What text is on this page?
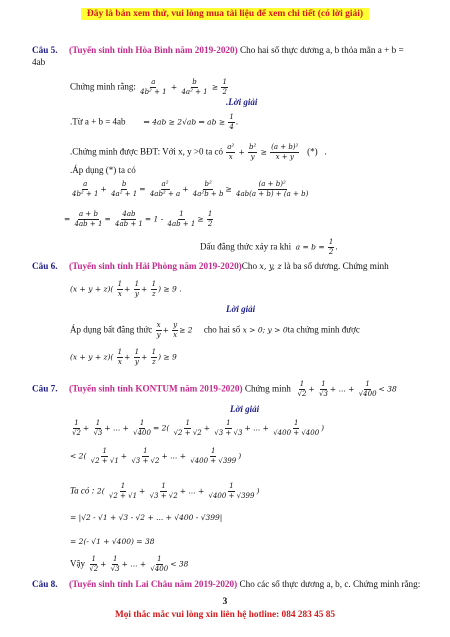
Đây là bản xem thử, vui lòng mua tài liệu để xem chi tiết (có lời giải)
Câu 5. (Tuyển sinh tỉnh Hòa Bình năm 2019-2020) Cho hai số thực dương a, b thỏa mãn a + b =
4ab
Chứng minh rằng: $\frac{a}{\text{4b² + 1}} + \frac{b}{\text{4a² + 1}} \ge \frac{1}{2}$
.Lời giải
.Từ a + b = 4ab ⇒ 4ab ≥ 2√ab ⇒ ab ≥ $\frac{1}{4}$ .
.Chứng minh được BĐT: Với x, y >0 ta có $\frac{\text{a²}}{x} + \frac{\text{b²}}{y} \ge \frac{\text{(a + b)²}}{x + y}$ (*)   .
.Áp dụng (*) ta có
$\frac{a}{\text{4b² + 1}} + \frac{b}{\text{4a² + 1}} = \frac{\text{a²}}{\text{4ab² + a}} + \frac{\text{b²}}{\text{4a²b + b}} \ge \frac{\text{(a + b)²}}{4ab(a + b) + (a + b)}$
= $\frac{a + b}{4ab + 1} = \frac{4ab}{4ab + 1} = 1 - \frac{1}{4ab + 1} \ge \frac{1}{2}$
Dấu đẳng thức xảy ra khi $a = b = \frac{1}{2}$ .
Câu 6. (Tuyển sinh tỉnh Hải Phòng năm 2019-2020)Cho x, y, z là ba số dương. Chứng minh
$(x + y + z)( \frac{1}{x} + \frac{1}{y} + \frac{1}{z}$ ) ≥ 9 .
Lời giải
Áp dụng bất đẳng thức $\frac{x}{y} + \frac{y}{x} \ge 2$ cho hai số x > 0; y > 0ta chứng minh được
$(x + y + z)( \frac{1}{x} + \frac{1}{y} + \frac{1}{z}$ ) ≥ 9
Câu 7. (Tuyển sinh tỉnh KONTUM năm 2019-2020) Chứng minh $\frac{1}{√2} + \frac{1}{√3}$ + ... + $\frac{1}{√400} < 38$
Lời giải
$\frac{1}{√2} + \frac{1}{√3}$ + ... + $\frac{1}{√400} = 2( \frac{1}{√2 + √2} + \frac{1}{√3 + √3}$ + ... + $\frac{1}{√400 + √400}$ )
< $2( \frac{1}{√2 + √1} + \frac{1}{√3 + √2}$ + ... + $\frac{1}{√400 + √399}$ )
Ta có : $2( \frac{1}{√2 + √1} + \frac{1}{√3 + √2}$ + ... + $\frac{1}{√400 + √399}$ )
= |√2 - √1 + √3 - √2 + ... + √400 - √399|
= 2(- √1 + √400) = 38
Vậy $\frac{1}{√2} + \frac{1}{√3}$ + ... + $\frac{1}{√400} < 38$
Câu 8. (Tuyển sinh tỉnh Lai Châu năm 2019-2020) Cho các số thực dương a, b, c. Chứng minh rằng:
3
Mọi thắc mắc vui lòng xin liên hệ hotline: 084 283 45 85
